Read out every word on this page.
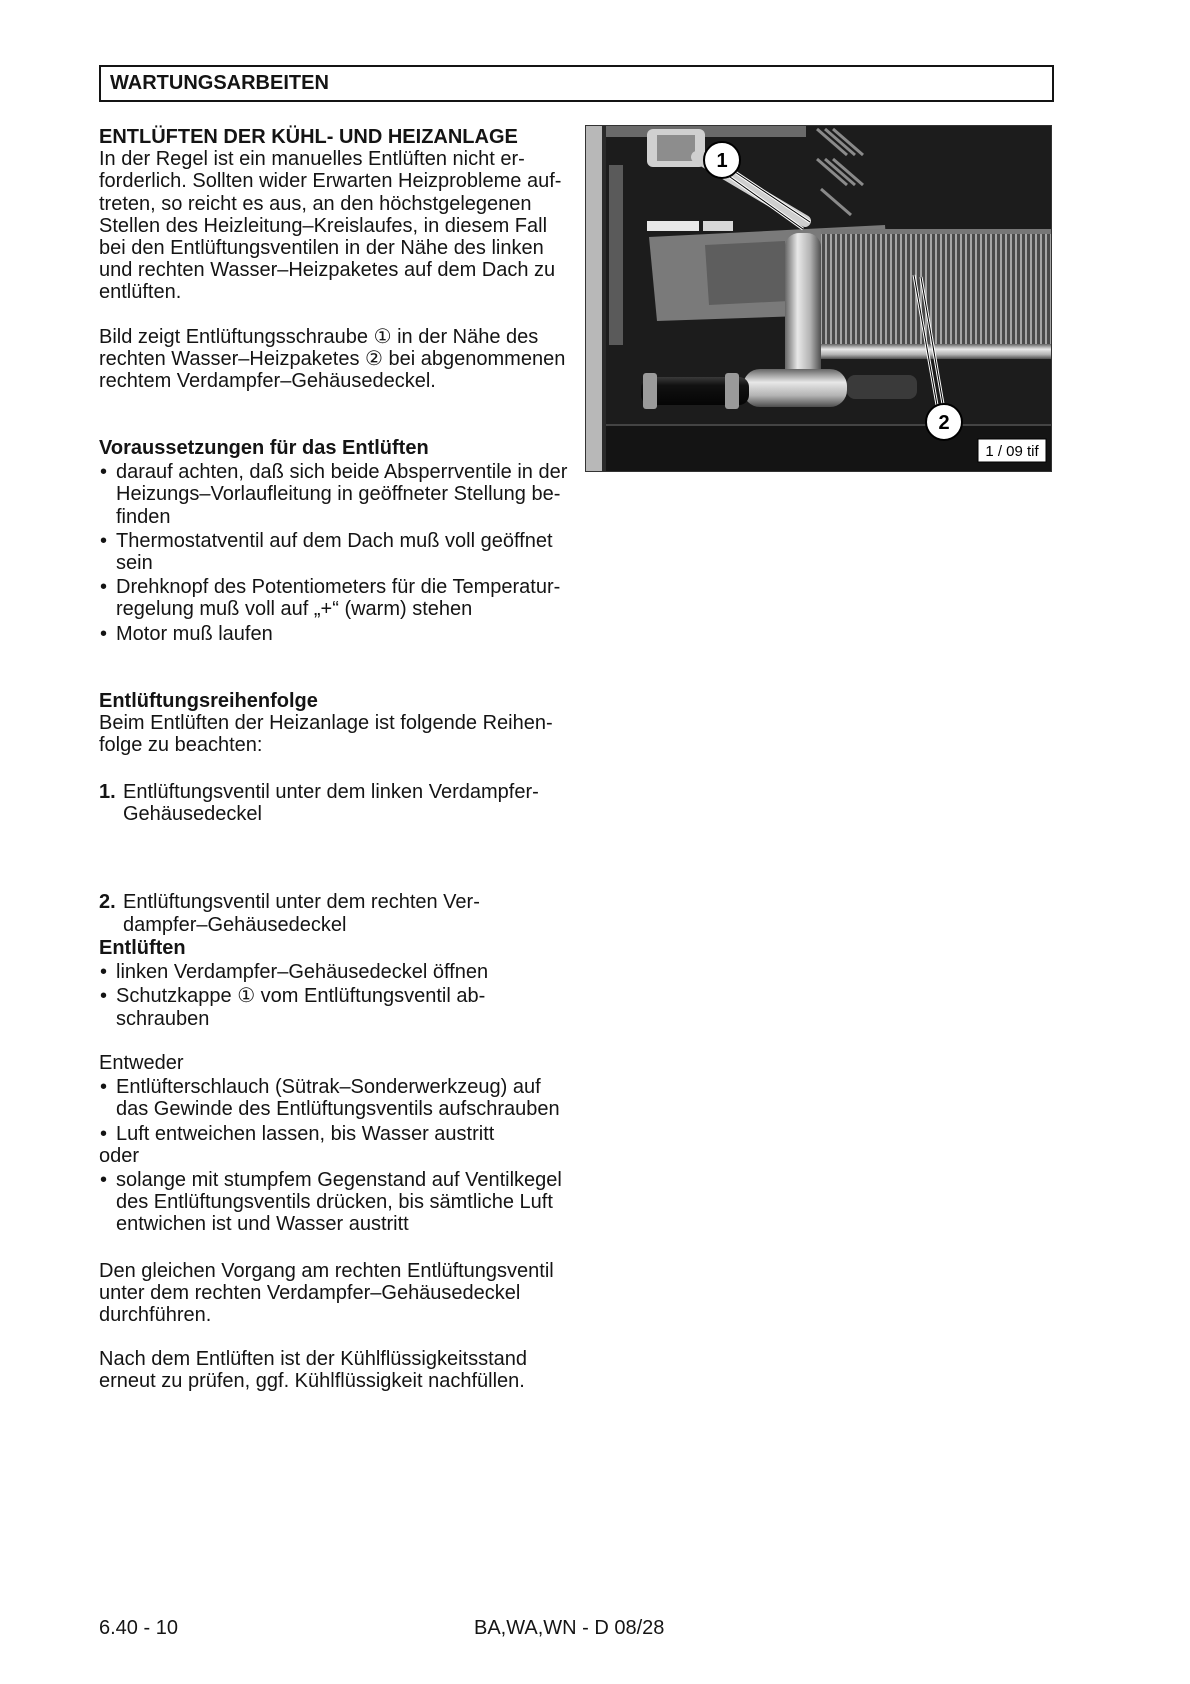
WARTUNGSARBEITEN
ENTLÜFTEN DER KÜHL- UND HEIZANLAGE
In der Regel ist ein manuelles Entlüften nicht er-
forderlich. Sollten wider Erwarten Heizprobleme auf-
treten, so reicht es aus, an den höchstgelegenen
Stellen des Heizleitung–Kreislaufes, in diesem Fall
bei den Entlüftungsventilen in der Nähe des linken
und rechten Wasser–Heizpaketes auf dem Dach zu
entlüften.
Bild zeigt Entlüftungsschraube ① in der Nähe des
rechten Wasser–Heizpaketes ② bei abgenommenen
rechtem Verdampfer–Gehäusedeckel.
Voraussetzungen für das Entlüften
• darauf achten, daß sich beide Absperrventile in der
Heizungs–Vorlaufleitung in geöffneter Stellung be-
finden
• Thermostatventil auf dem Dach muß voll geöffnet
sein
• Drehknopf des Potentiometers für die Temperatur-
regelung muß voll auf „+“ (warm) stehen
• Motor muß laufen
Entlüftungsreihenfolge
Beim Entlüften der Heizanlage ist folgende Reihen-
folge zu beachten:
1. Entlüftungsventil unter dem linken Verdampfer-
Gehäusedeckel
2. Entlüftungsventil unter dem rechten Ver-
dampfer–Gehäusedeckel
Entlüften
• linken Verdampfer–Gehäusedeckel öffnen
• Schutzkappe ① vom Entlüftungsventil ab-
schrauben
Entweder
• Entlüfterschlauch (Sütrak–Sonderwerkzeug) auf
das Gewinde des Entlüftungsventils aufschrauben
• Luft entweichen lassen, bis Wasser austritt
oder
• solange mit stumpfem Gegenstand auf Ventilkegel
des Entlüftungsventils drücken, bis sämtliche Luft
entwichen ist und Wasser austritt
Den gleichen Vorgang am rechten Entlüftungsventil
unter dem rechten Verdampfer–Gehäusedeckel
durchführen.
Nach dem Entlüften ist der Kühlflüssigkeitsstand
erneut zu prüfen, ggf. Kühlflüssigkeit nachfüllen.
1
2
1 / 09 tif
6.40 - 10	BA,WA,WN - D 08/28
